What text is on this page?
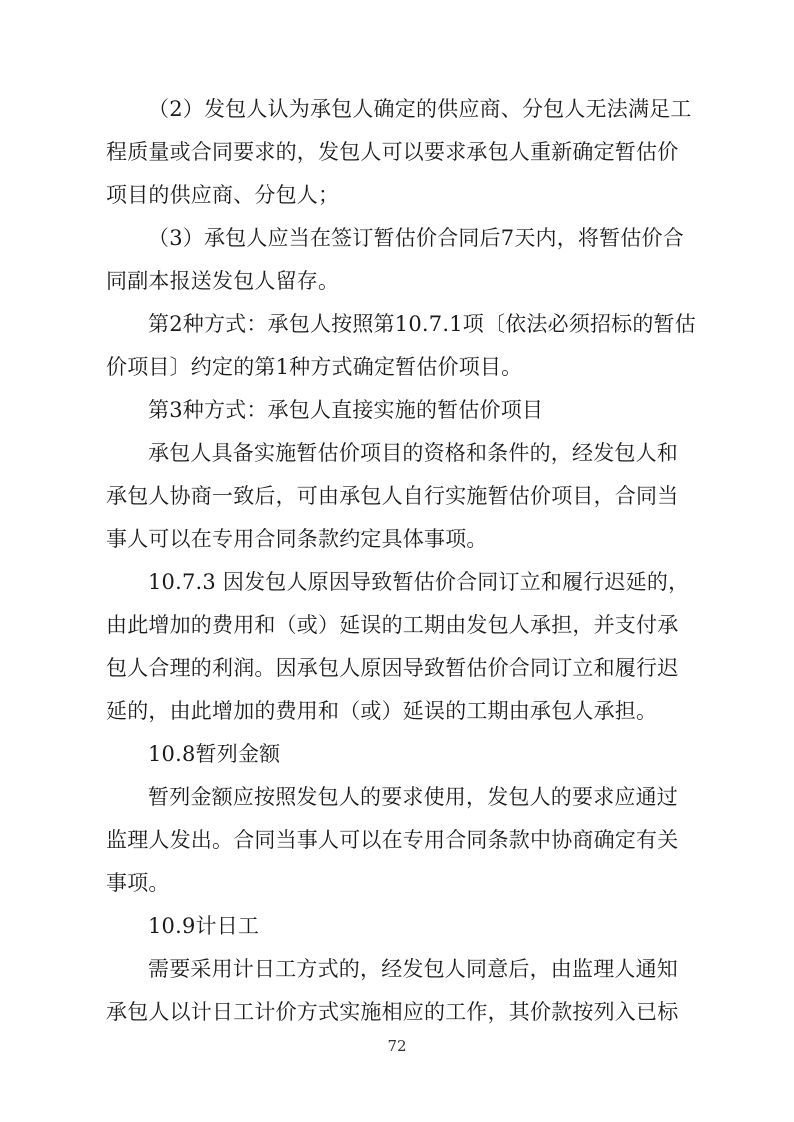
（2）发包人认为承包人确定的供应商、分包人无法满足工
程质量或合同要求的，发包人可以要求承包人重新确定暂估价
项目的供应商、分包人；
（3）承包人应当在签订暂估价合同后7天内，将暂估价合
同副本报送发包人留存。
第2种方式：承包人按照第10.7.1项〔依法必须招标的暂估
价项目〕约定的第1种方式确定暂估价项目。
第3种方式：承包人直接实施的暂估价项目
承包人具备实施暂估价项目的资格和条件的，经发包人和
承包人协商一致后，可由承包人自行实施暂估价项目，合同当
事人可以在专用合同条款约定具体事项。
10.7.3 因发包人原因导致暂估价合同订立和履行迟延的，
由此增加的费用和（或）延误的工期由发包人承担，并支付承
包人合理的利润。因承包人原因导致暂估价合同订立和履行迟
延的，由此增加的费用和（或）延误的工期由承包人承担。
10.8暂列金额
暂列金额应按照发包人的要求使用，发包人的要求应通过
监理人发出。合同当事人可以在专用合同条款中协商确定有关
事项。
10.9计日工
需要采用计日工方式的，经发包人同意后，由监理人通知
承包人以计日工计价方式实施相应的工作，其价款按列入已标
72
